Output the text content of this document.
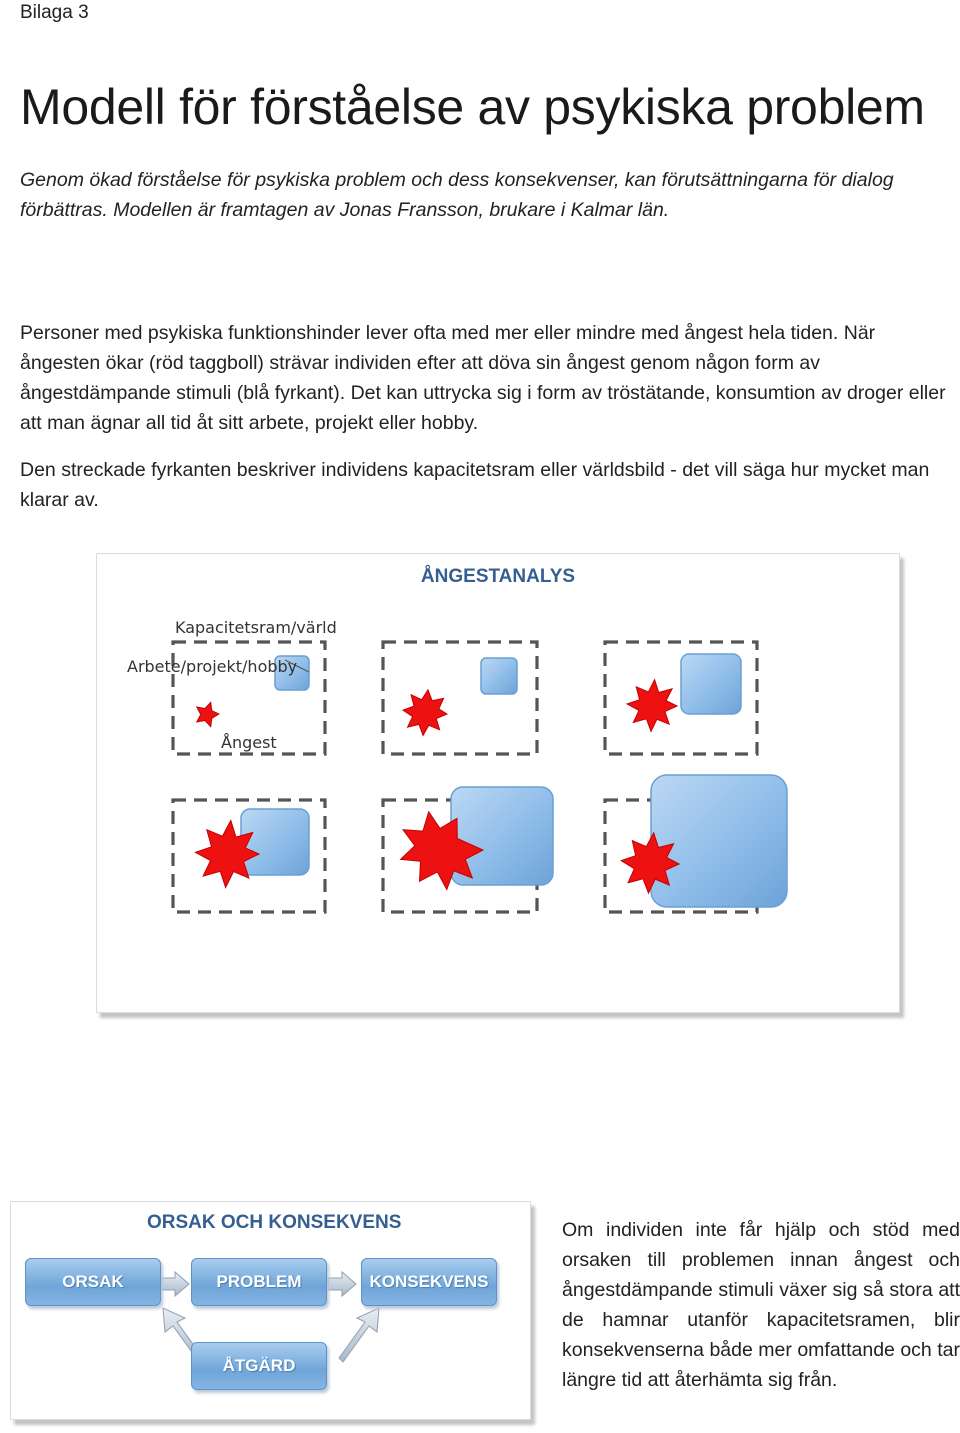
Bilaga 3
Modell för förståelse av psykiska problem

Genom ökad förståelse för psykiska problem och dess konsekvenser, kan förutsättningarna för dialog förbättras. Modellen är framtagen av Jonas Fransson, brukare i Kalmar län.

Personer med psykiska funktionshinder lever ofta med mer eller mindre med ångest hela tiden. När ångesten ökar (röd taggboll) strävar individen efter att döva sin ångest genom någon form av ångestdämpande stimuli (blå fyrkant). Det kan uttrycka sig i form av tröstätande, konsumtion av droger eller att man ägnar all tid åt sitt arbete, projekt eller hobby.

Den streckade fyrkanten beskriver individens kapacitetsram eller världsbild - det vill säga hur mycket man klarar av.

ÅNGESTANALYS
Kapacitetsram/värld
Arbete/projekt/hobby
Ångest
ORSAK OCH KONSEKVENS
ORSAK	PROBLEM	KONSEKVENS
ÅTGÄRD

Om individen inte får hjälp och stöd med orsaken till problemen innan ångest och ångestdämpande stimuli växer sig så stora att de hamnar utanför kapacitetsramen, blir konsekvenserna både mer omfattande och tar längre tid att återhämta sig från.
